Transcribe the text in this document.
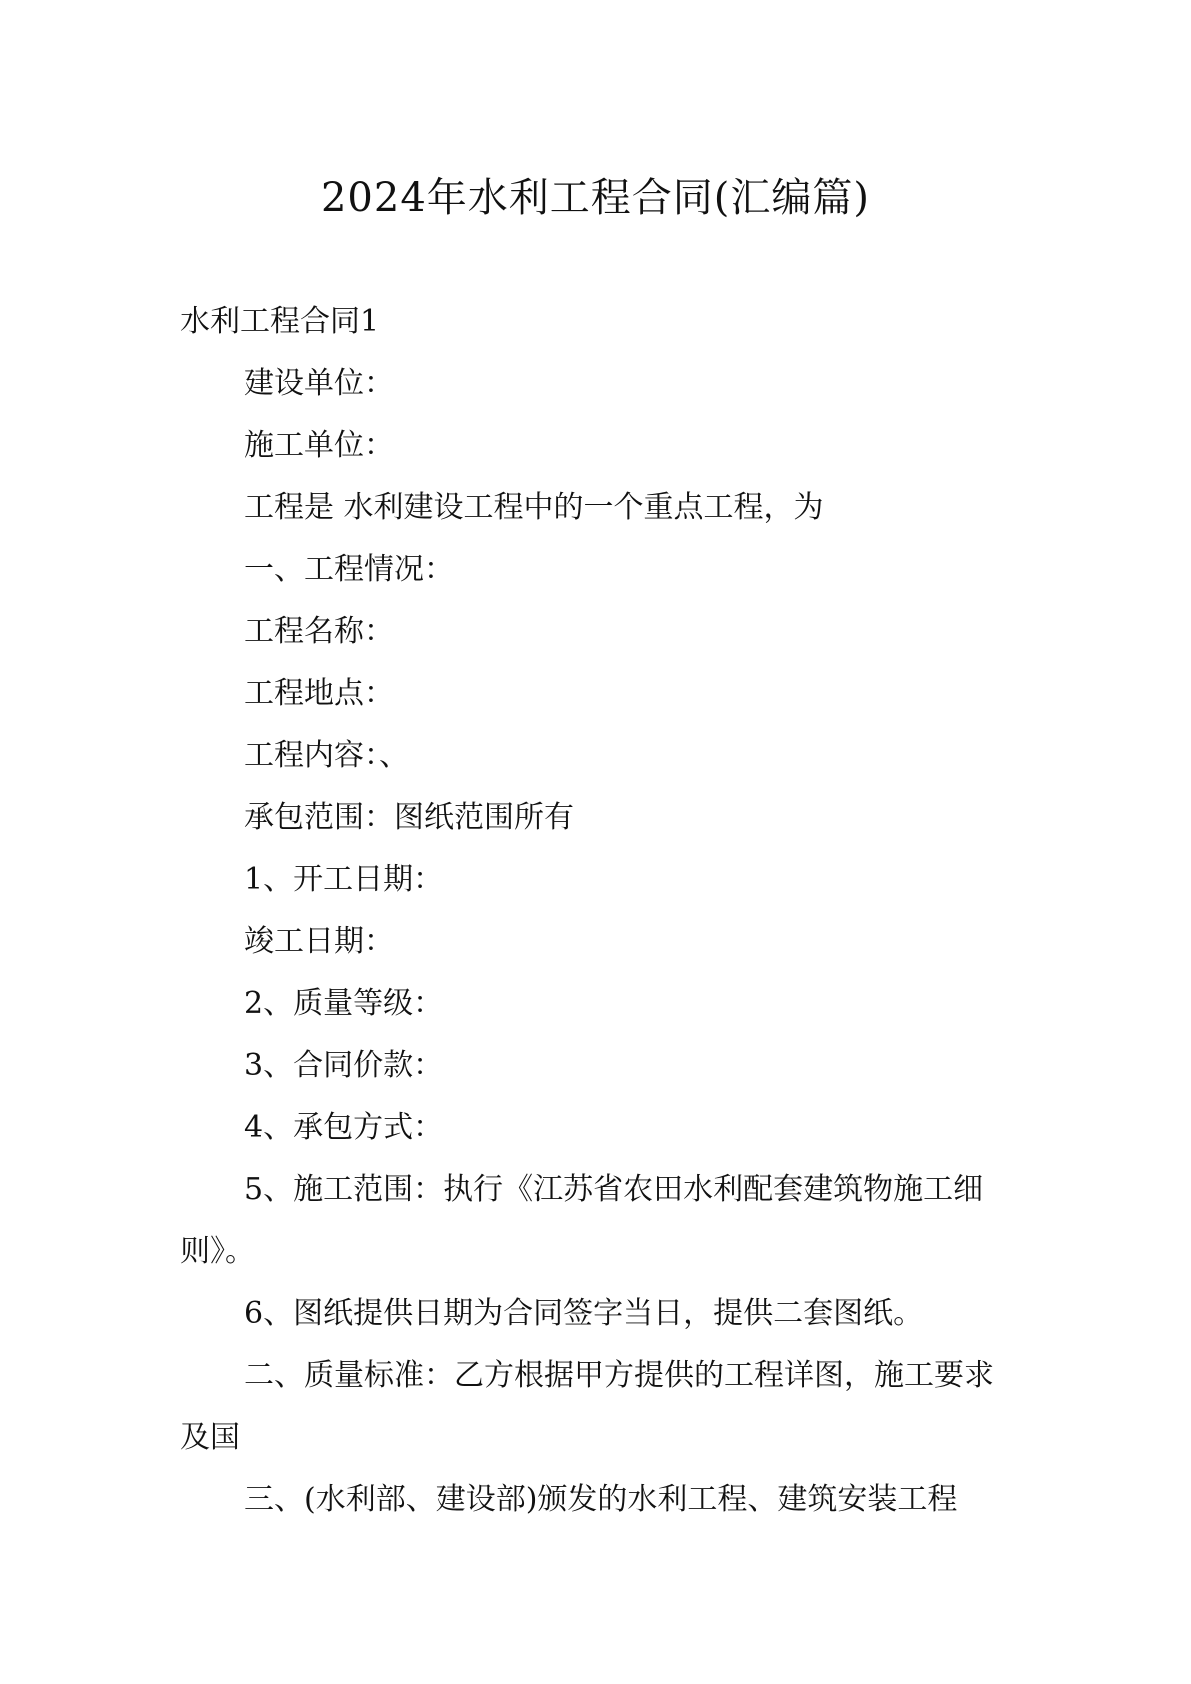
2024年水利工程合同(汇编篇)

水利工程合同1

建设单位：

施工单位：

工程是 水利建设工程中的一个重点工程，为

一、工程情况：

工程名称：

工程地点：

工程内容：、

承包范围：图纸范围所有

1、开工日期：

竣工日期：

2、质量等级：

3、合同价款：

4、承包方式：

5、施工范围：执行《江苏省农田水利配套建筑物施工细则》。

6、图纸提供日期为合同签字当日，提供二套图纸。

二、质量标准：乙方根据甲方提供的工程详图，施工要求及国

三、(水利部、建设部)颁发的水利工程、建筑安装工程
